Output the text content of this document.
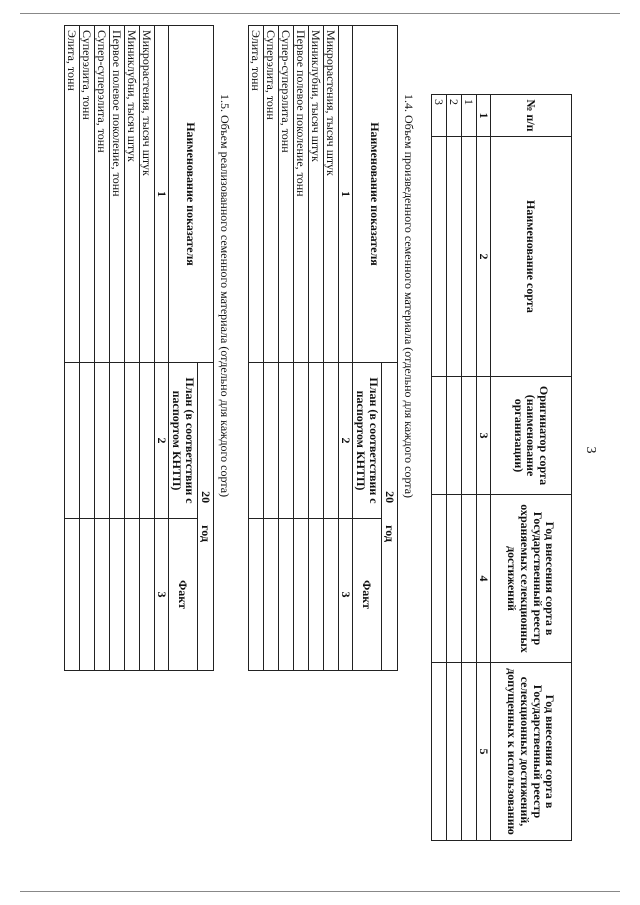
3
№ п/п	Наименование сорта	Оригинатор сорта (наименование организации)	Год внесения сорта в Государственный реестр охраняемых селекционных достижений	Год внесения сорта в Государственный реестр селекционных достижений, допущенных к использованию
1	2	3	4	5
1				
2				
3				
1.4. Объем произведенного семенного материала (отдельно для каждого сорта)
Наименование показателя	20год	
	План (в соответствии с паспортом КНТП)	Факт
1	2	3
Микрорастения, тысяч штук		
Миниклубни, тысяч штук		
Первое полевое поколение, тонн		
Супер-суперэлита, тонн		
Суперэлита, тонн		
Элита, тонн		
1.5. Объем реализованного семенного материала (отдельно для каждого сорта)
Наименование показателя	20год	
	План (в соответствии с паспортом КНТП)	Факт
1	2	3
Микрорастения, тысяч штук		
Миниклубни, тысяч штук		
Первое полевое поколение, тонн		
Супер-суперэлита, тонн		
Суперэлита, тонн		
Элита, тонн		
